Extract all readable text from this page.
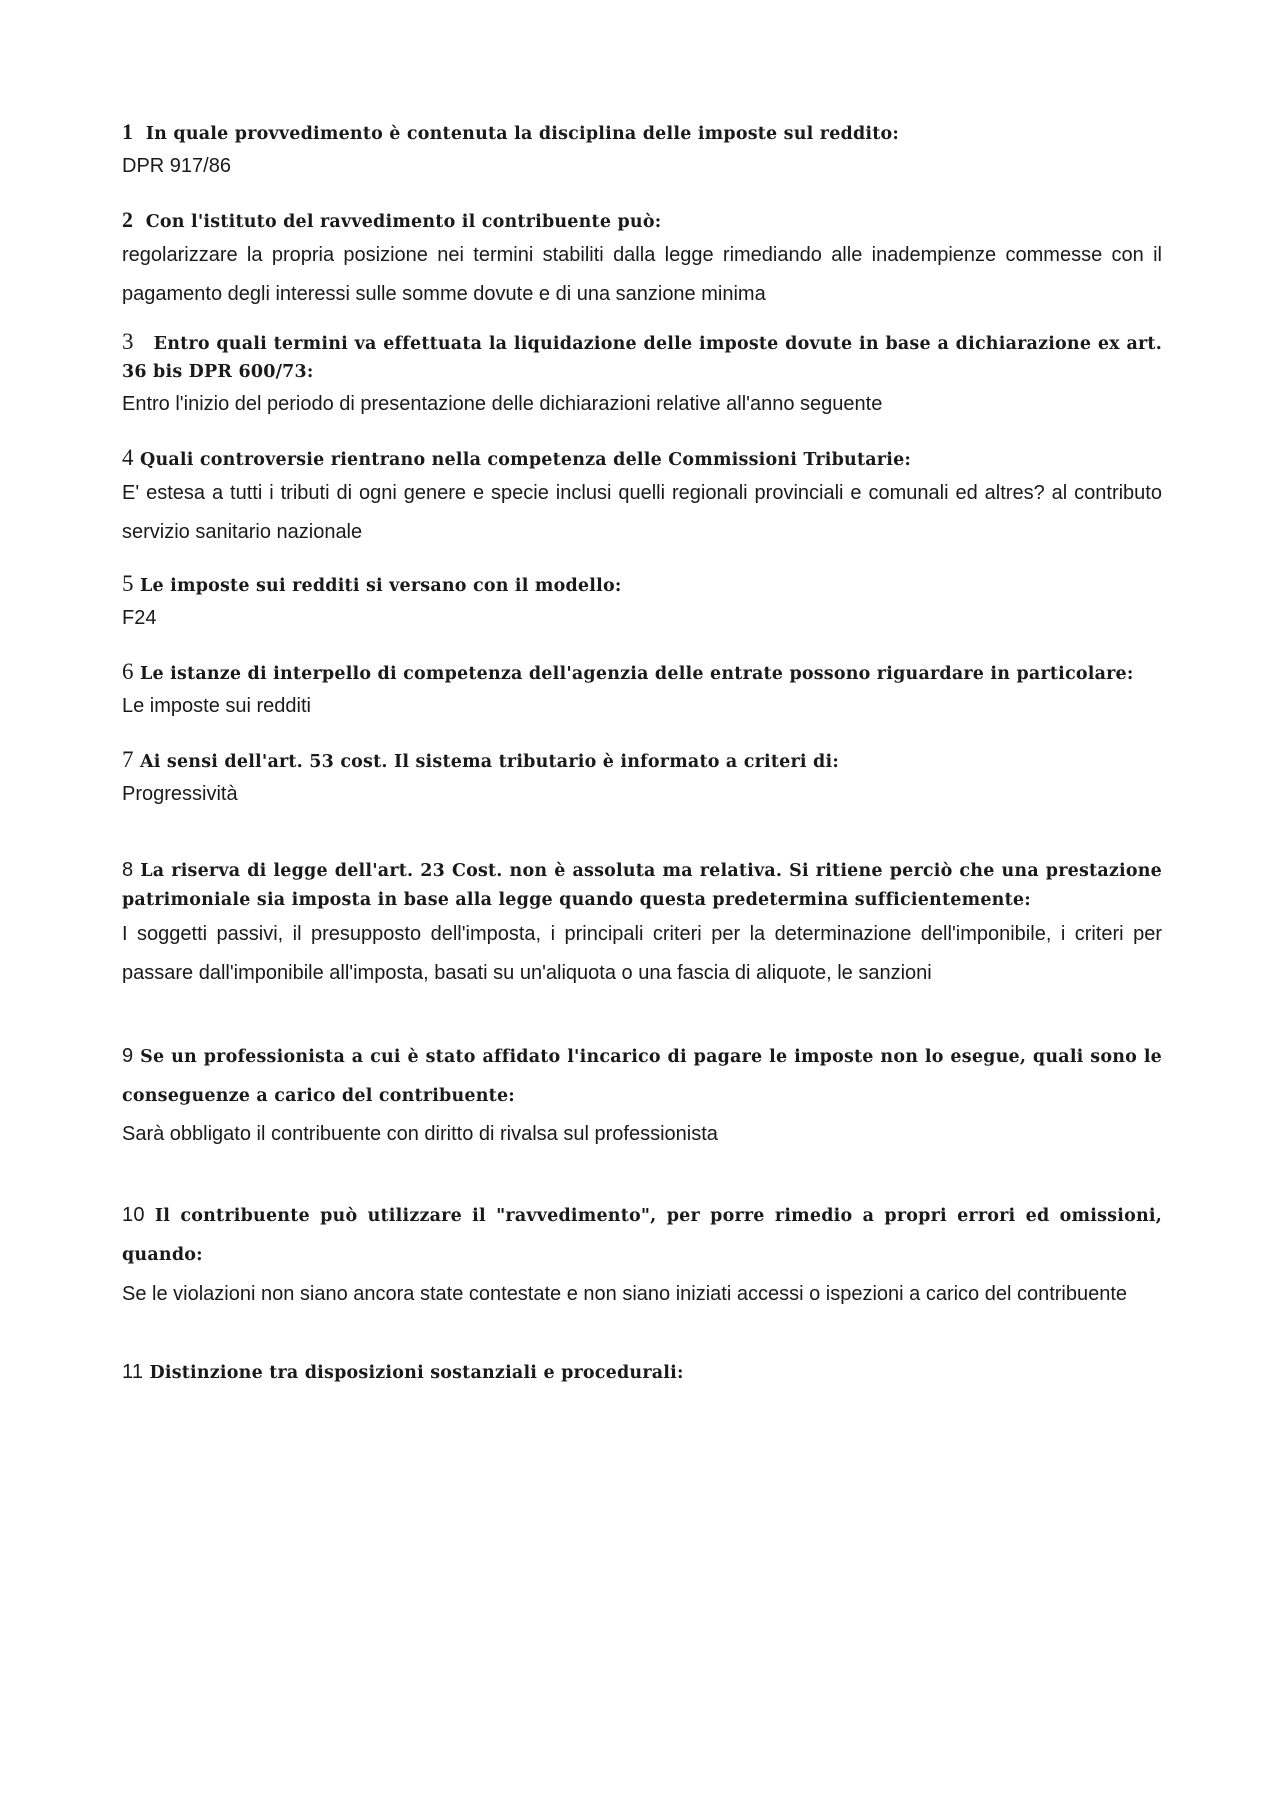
1 In quale provvedimento è contenuta la disciplina delle imposte sul reddito:

DPR 917/86

2 Con l'istituto del ravvedimento il contribuente può:

regolarizzare la propria posizione nei termini stabiliti dalla legge rimediando alle inadempienze commesse con il pagamento degli interessi sulle somme dovute e di una sanzione minima

3 Entro quali termini va effettuata la liquidazione delle imposte dovute in base a dichiarazione ex art. 36 bis DPR 600/73:

Entro l'inizio del periodo di presentazione delle dichiarazioni relative all'anno seguente

4 Quali controversie rientrano nella competenza delle Commissioni Tributarie:

E' estesa a tutti i tributi di ogni genere e specie inclusi quelli regionali provinciali e comunali ed altres? al contributo servizio sanitario nazionale

5 Le imposte sui redditi si versano con il modello:

F24

6 Le istanze di interpello di competenza dell'agenzia delle entrate possono riguardare in particolare:

Le imposte sui redditi

7 Ai sensi dell'art. 53 cost. Il sistema tributario è informato a criteri di:

Progressività

8 La riserva di legge dell'art. 23 Cost. non è assoluta ma relativa. Si ritiene perciò che una prestazione patrimoniale sia imposta in base alla legge quando questa predetermina sufficientemente:

I soggetti passivi, il presupposto dell'imposta, i principali criteri per la determinazione dell'imponibile, i criteri per passare dall'imponibile all'imposta, basati su un'aliquota o una fascia di aliquote, le sanzioni

9 Se un professionista a cui è stato affidato l'incarico di pagare le imposte non lo esegue, quali sono le conseguenze a carico del contribuente:

Sarà obbligato il contribuente con diritto di rivalsa sul professionista

10 Il contribuente può utilizzare il "ravvedimento", per porre rimedio a propri errori ed omissioni, quando:

Se le violazioni non siano ancora state contestate e non siano iniziati accessi o ispezioni a carico del contribuente

11 Distinzione tra disposizioni sostanziali e procedurali:
